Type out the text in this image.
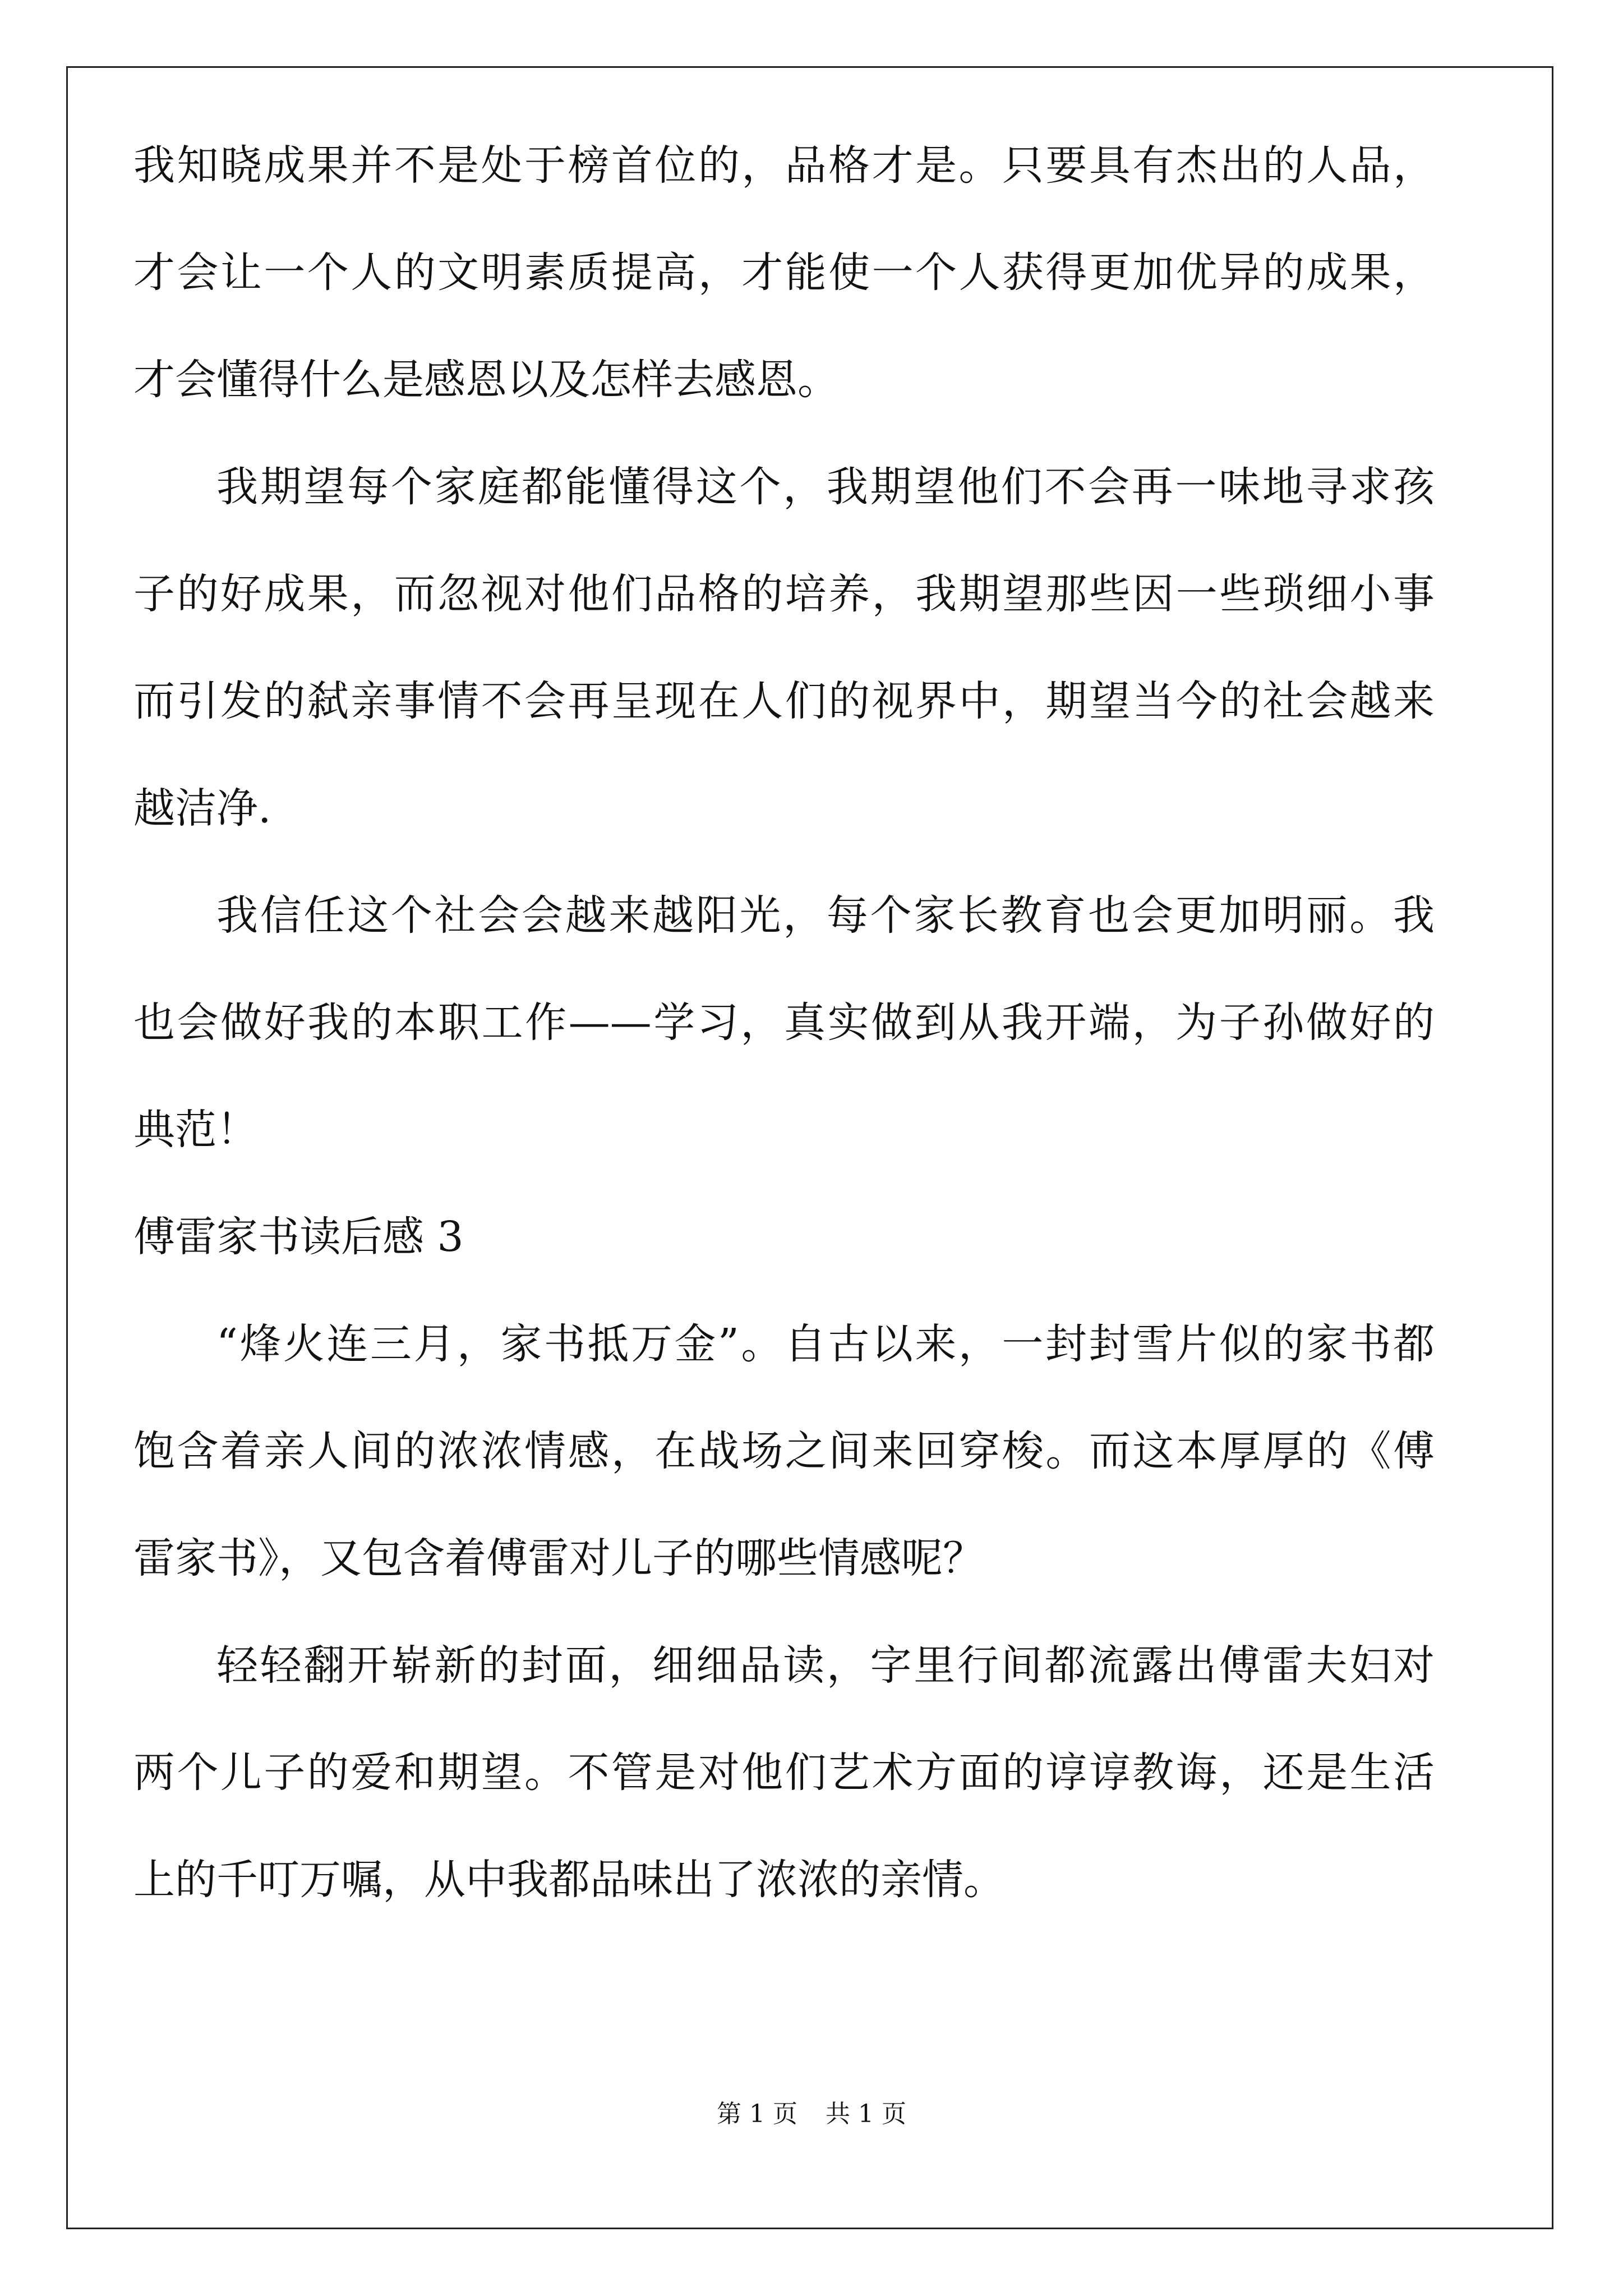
我知晓成果并不是处于榜首位的，品格才是。只要具有杰出的人品，
才会让一个人的文明素质提高，才能使一个人获得更加优异的成果，
才会懂得什么是感恩以及怎样去感恩。
我期望每个家庭都能懂得这个，我期望他们不会再一味地寻求孩
子的好成果，而忽视对他们品格的培养，我期望那些因一些琐细小事
而引发的弑亲事情不会再呈现在人们的视界中，期望当今的社会越来
越洁净.
我信任这个社会会越来越阳光，每个家长教育也会更加明丽。我
也会做好我的本职工作——学习，真实做到从我开端，为子孙做好的
典范！
傅雷家书读后感 3
“烽火连三月，家书抵万金”。自古以来，一封封雪片似的家书都
饱含着亲人间的浓浓情感，在战场之间来回穿梭。而这本厚厚的《傅
雷家书》，又包含着傅雷对儿子的哪些情感呢？
轻轻翻开崭新的封面，细细品读，字里行间都流露出傅雷夫妇对
两个儿子的爱和期望。不管是对他们艺术方面的谆谆教诲，还是生活
上的千叮万嘱，从中我都品味出了浓浓的亲情。
第 1 页 共 1 页
